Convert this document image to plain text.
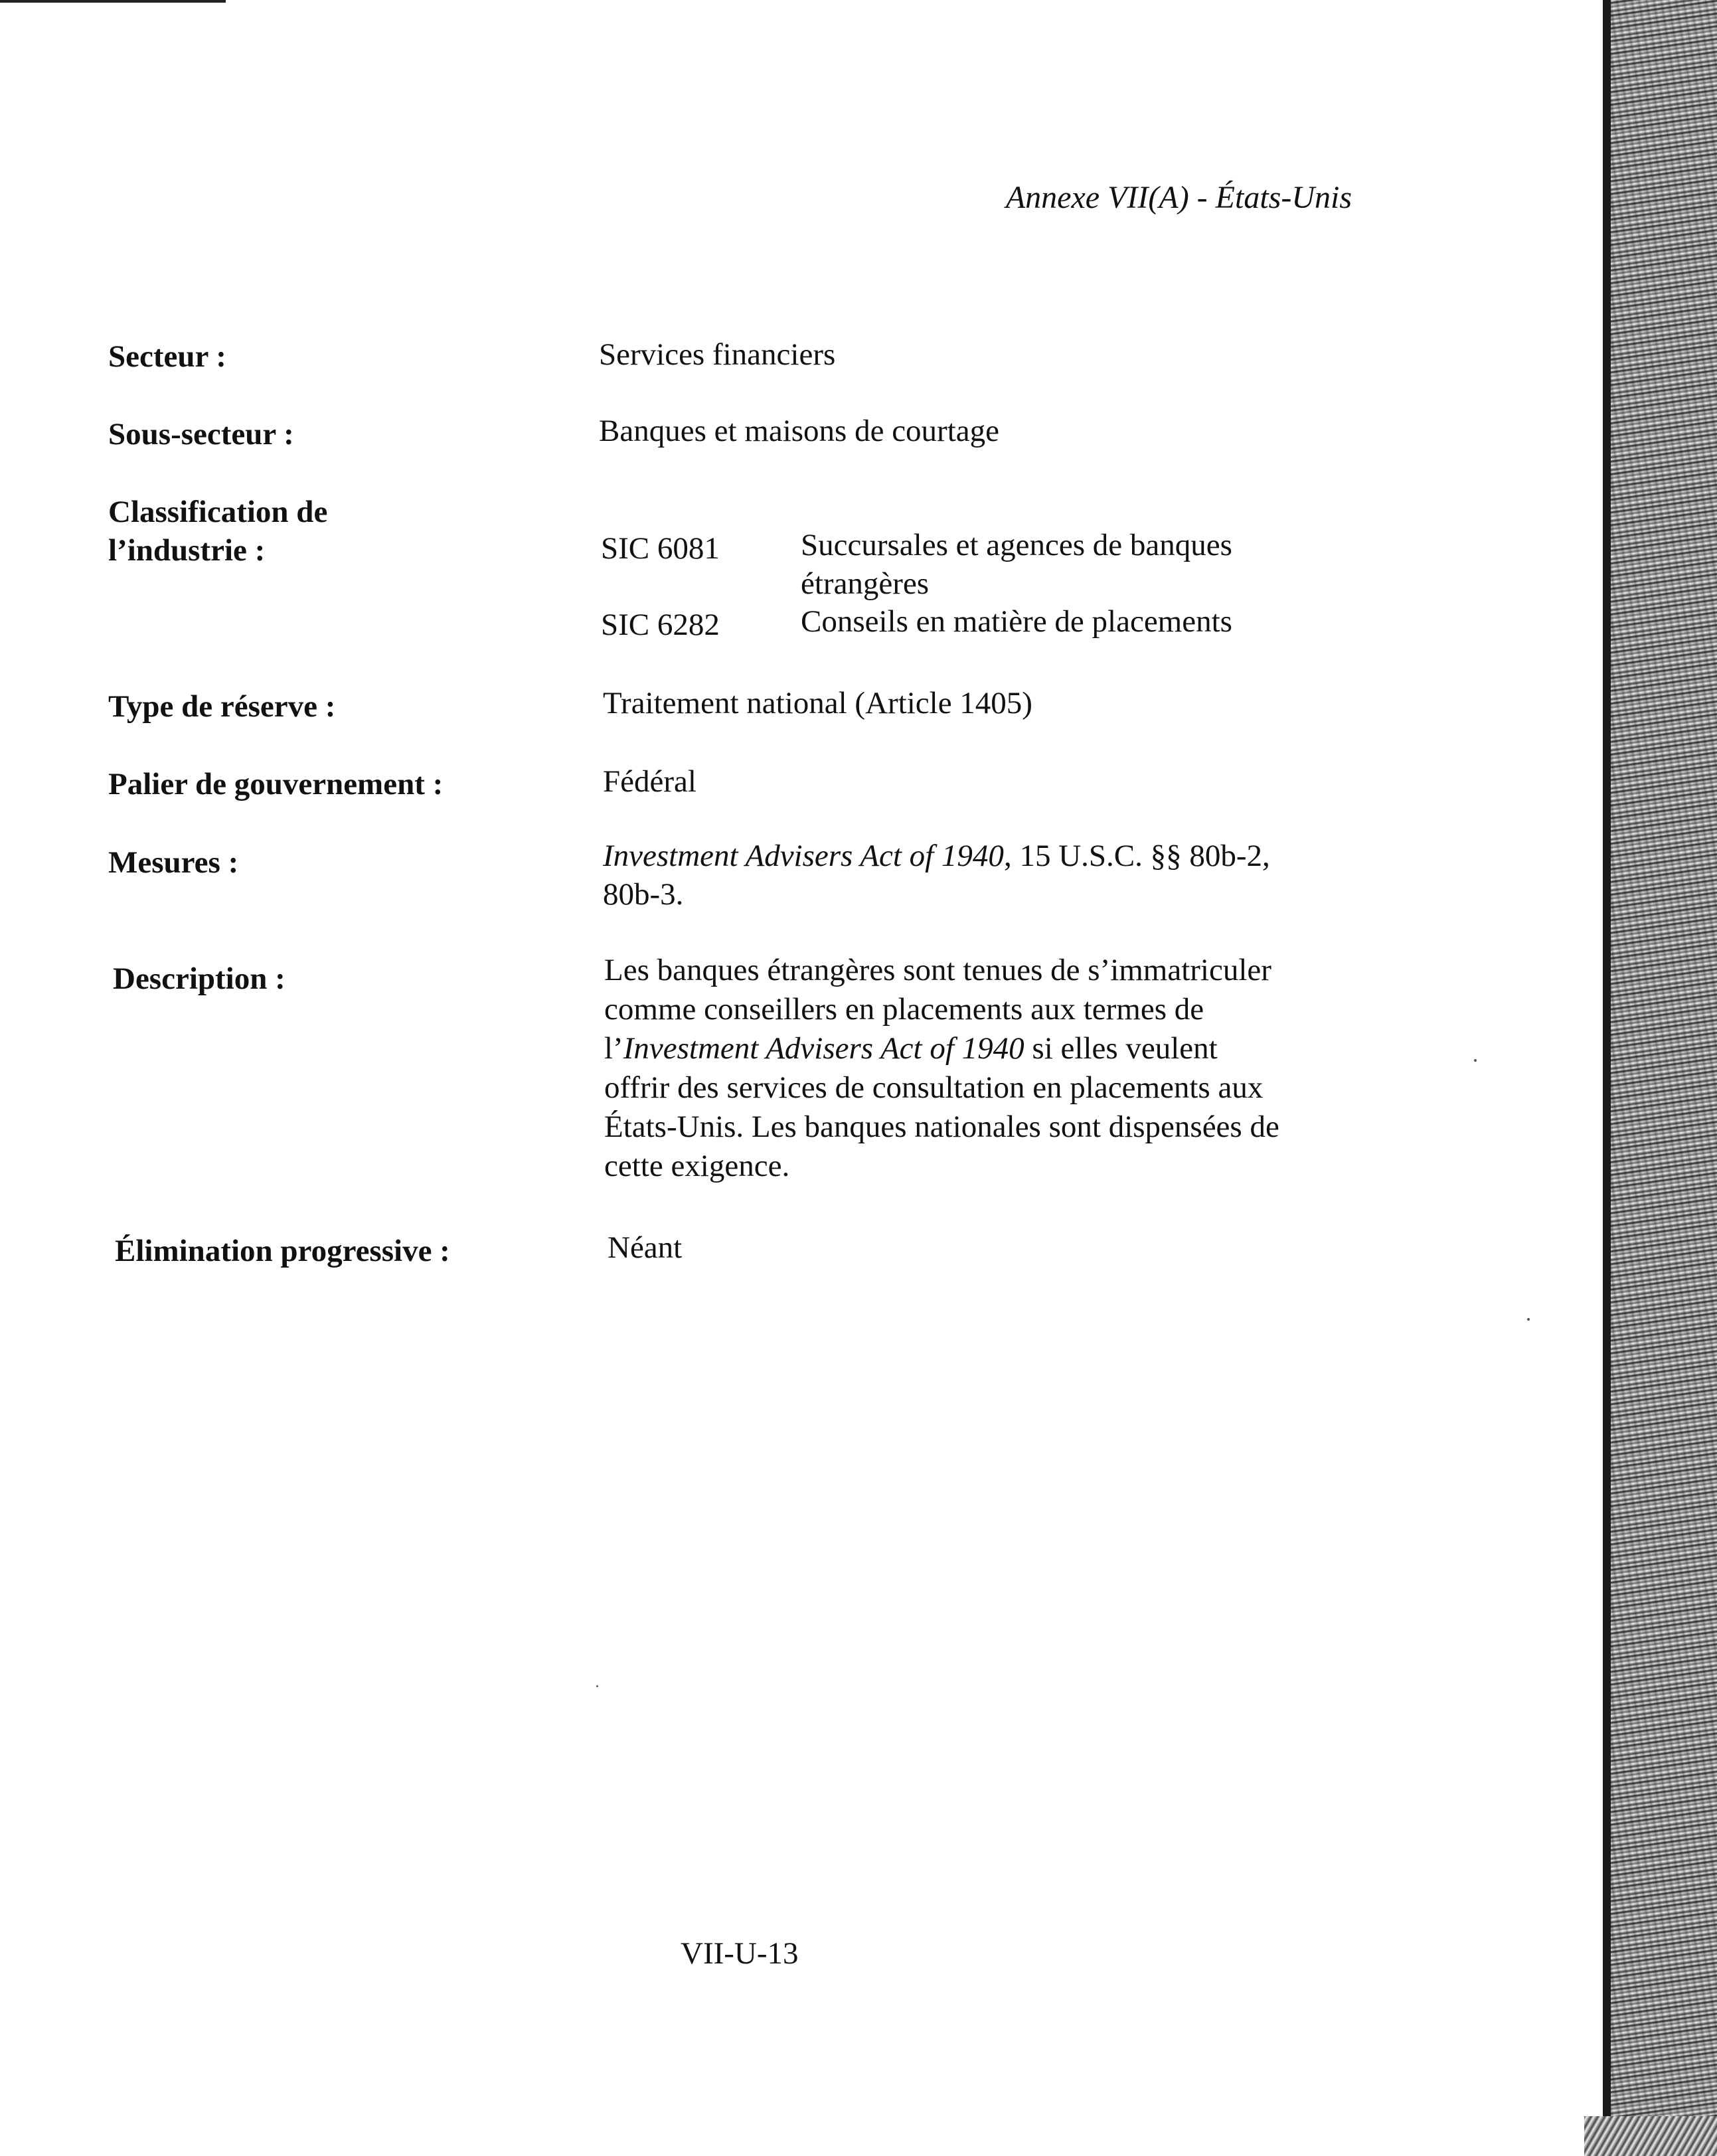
Annexe VII(A) - États-Unis
Secteur :	Services financiers
Sous-secteur :	Banques et maisons de courtage
Classification de
l’industrie :	SIC 6081	Succursales et agences de banques étrangères
SIC 6282	Conseils en matière de placements
Type de réserve :	Traitement national (Article 1405)
Palier de gouvernement :	Fédéral
Mesures :	Investment Advisers Act of 1940, 15 U.S.C. §§ 80b-2,
80b-3.
Description :	Les banques étrangères sont tenues de s’immatriculer
comme conseillers en placements aux termes de
l’Investment Advisers Act of 1940 si elles veulent
offrir des services de consultation en placements aux
États-Unis. Les banques nationales sont dispensées de
cette exigence.
Élimination progressive :	Néant
VII-U-13
